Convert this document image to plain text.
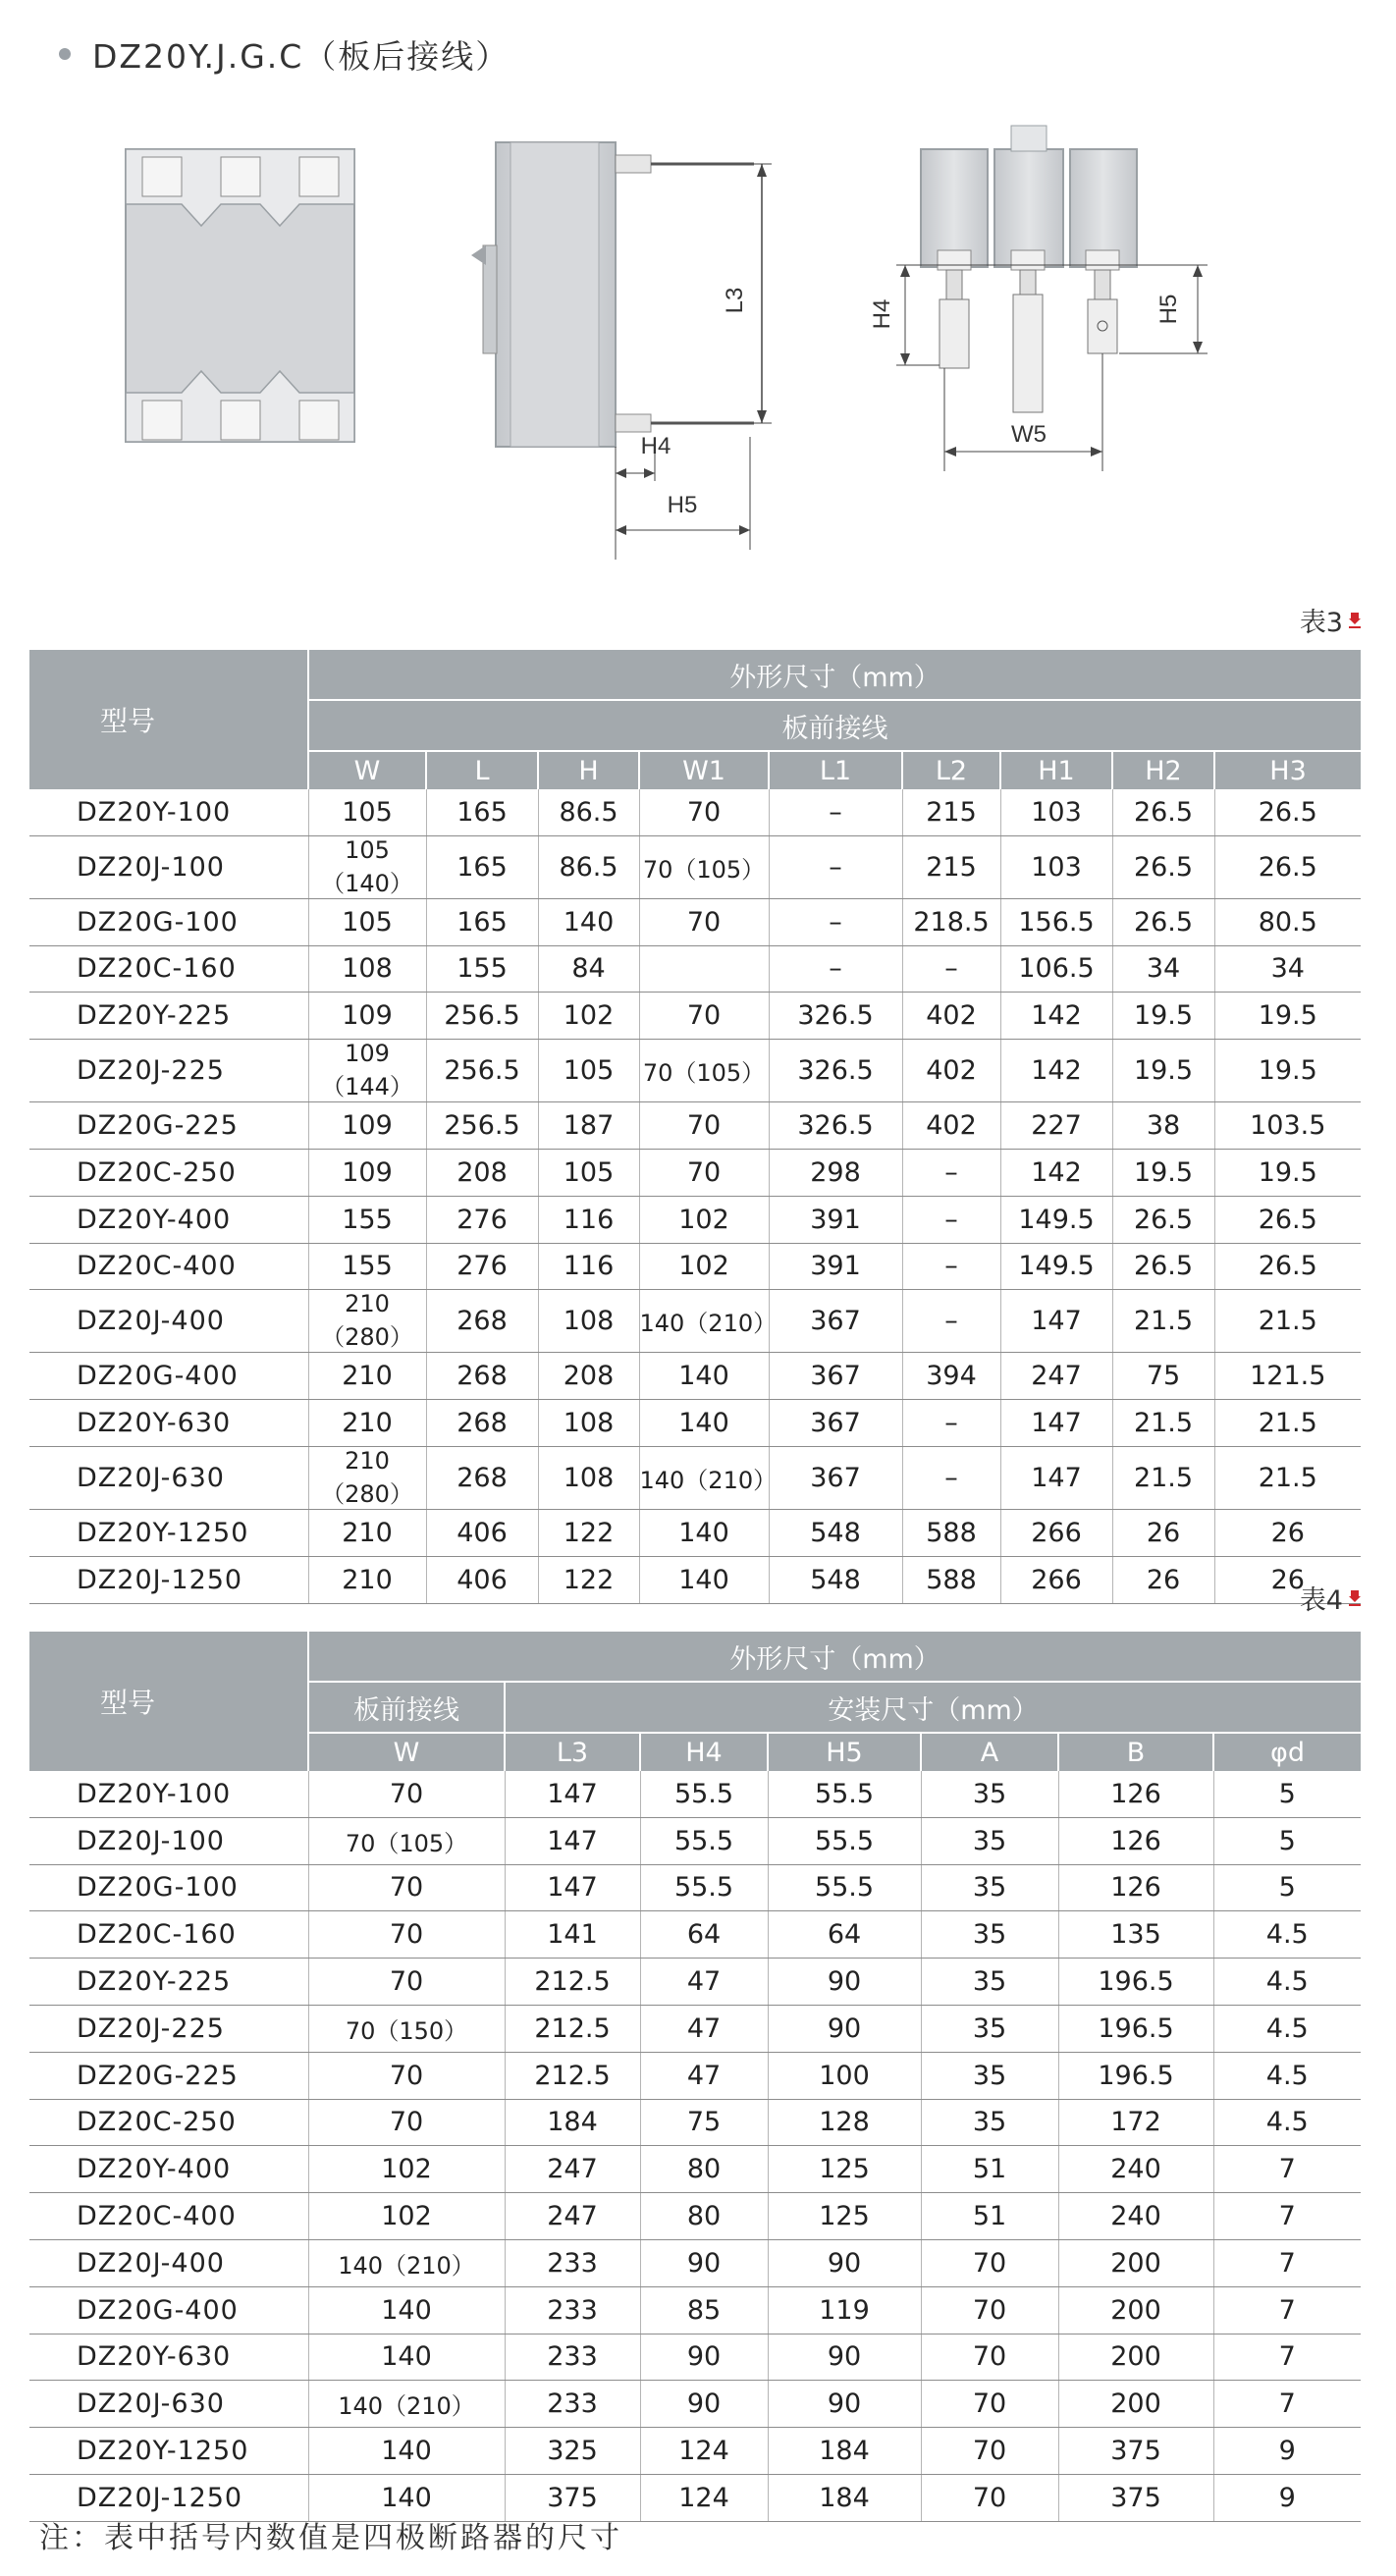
DZ20Y.J.G.C（板后接线）
L3
H4
H5
H4	H5
W5
表3
型号	外形尺寸（mm）								
	板前接线								
	W	L	H	W1	L1	L2	H1	H2	H3
DZ20Y-100	105	165	86.5	70	–	215	103	26.5	26.5
DZ20J-100	105（140）	165	86.5	70（105）	–	215	103	26.5	26.5
DZ20G-100	105	165	140	70	–	218.5	156.5	26.5	80.5
DZ20C-160	108	155	84		–	–	106.5	34	34
DZ20Y-225	109	256.5	102	70	326.5	402	142	19.5	19.5
DZ20J-225	109（144）	256.5	105	70（105）	326.5	402	142	19.5	19.5
DZ20G-225	109	256.5	187	70	326.5	402	227	38	103.5
DZ20C-250	109	208	105	70	298	–	142	19.5	19.5
DZ20Y-400	155	276	116	102	391	–	149.5	26.5	26.5
DZ20C-400	155	276	116	102	391	–	149.5	26.5	26.5
DZ20J-400	210（280）	268	108	140（210）	367	–	147	21.5	21.5
DZ20G-400	210	268	208	140	367	394	247	75	121.5
DZ20Y-630	210	268	108	140	367	–	147	21.5	21.5
DZ20J-630	210（280）	268	108	140（210）	367	–	147	21.5	21.5
DZ20Y-1250	210	406	122	140	548	588	266	26	26
DZ20J-1250	210	406	122	140	548	588	266	26	26
表4
型号	外形尺寸（mm）						
	板前接线	安装尺寸（mm）					
	W	L3	H4	H5	A	B	φd
DZ20Y-100	70	147	55.5	55.5	35	126	5
DZ20J-100	70（105）	147	55.5	55.5	35	126	5
DZ20G-100	70	147	55.5	55.5	35	126	5
DZ20C-160	70	141	64	64	35	135	4.5
DZ20Y-225	70	212.5	47	90	35	196.5	4.5
DZ20J-225	70（150）	212.5	47	90	35	196.5	4.5
DZ20G-225	70	212.5	47	100	35	196.5	4.5
DZ20C-250	70	184	75	128	35	172	4.5
DZ20Y-400	102	247	80	125	51	240	7
DZ20C-400	102	247	80	125	51	240	7
DZ20J-400	140（210）	233	90	90	70	200	7
DZ20G-400	140	233	85	119	70	200	7
DZ20Y-630	140	233	90	90	70	200	7
DZ20J-630	140（210）	233	90	90	70	200	7
DZ20Y-1250	140	325	124	184	70	375	9
DZ20J-1250	140	375	124	184	70	375	9
注：表中括号内数值是四极断路器的尺寸
